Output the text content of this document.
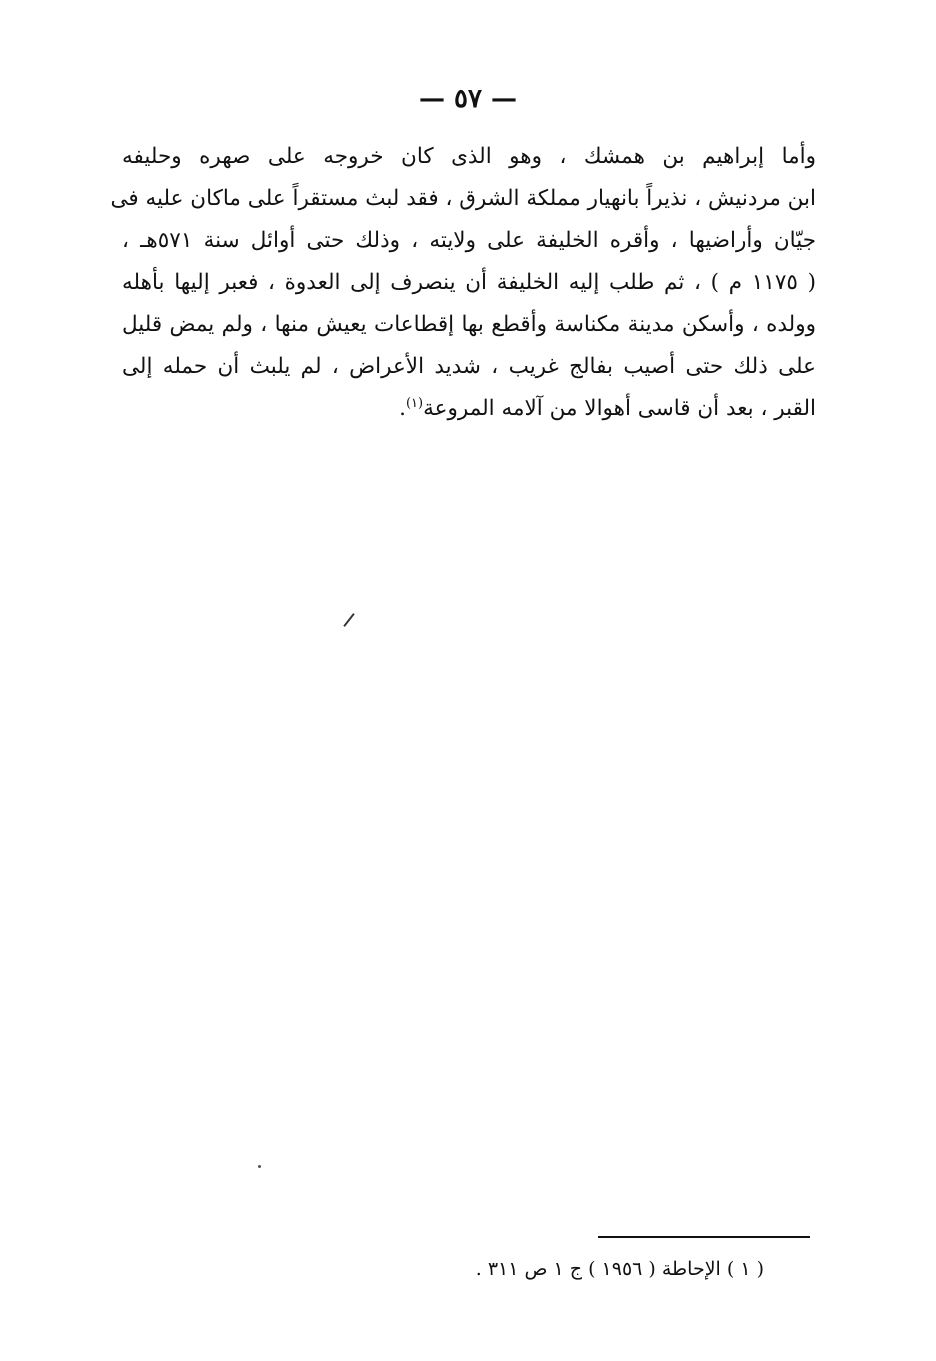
— ٥٧ —
وأما إبراهيم بن همشك ، وهو الذى كان خروجه على صهره وحليفه
ابن مردنيش ، نذيراً بانهيار مملكة الشرق ، فقد لبث مستقراً على ماكان عليه فى
جيّان وأراضيها ، وأقره الخليفة على ولايته ، وذلك حتى أوائل سنة ٥٧١هـ ،
( ١١٧٥ م ) ، ثم طلب إليه الخليفة أن ينصرف إلى العدوة ، فعبر إليها بأهله
وولده ، وأسكن مدينة مكناسة وأقطع بها إقطاعات يعيش منها ، ولم يمض قليل
على ذلك حتى أصيب بفالج غريب ، شديد الأعراض ، لم يلبث أن حمله إلى
القبر ، بعد أن قاسى أهوالا من آلامه المروعة$^{(١)}$.
( ١ ) الإحاطة ( ١٩٥٦ ) ج ١ ص ٣١١ .
